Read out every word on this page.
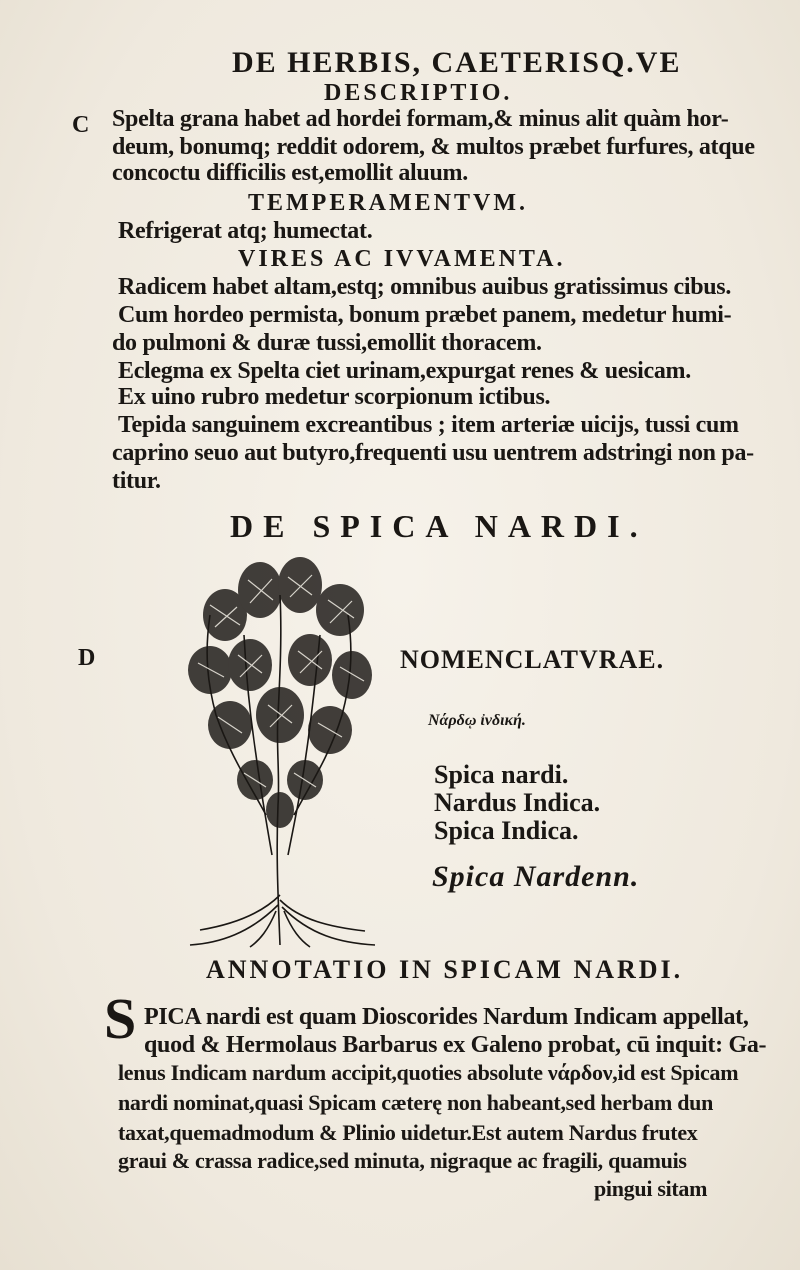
C
D
DE HERBIS, CAETERISQ.VE
DESCRIPTIO.
Spelta grana habet ad hordei formam,& minus alit quàm hor-
deum, bonumq; reddit odorem, & multos præbet furfures, atque
concoctu difficilis est,emollit aluum.
TEMPERAMENTVM.
Refrigerat atq; humectat.
VIRES AC IVVAMENTA.
Radicem habet altam,estq; omnibus auibus gratissimus cibus.
Cum hordeo permista, bonum præbet panem, medetur humi-
do pulmoni & duræ tussi,emollit thoracem.
Eclegma ex Spelta ciet urinam,expurgat renes & uesicam.
Ex uino rubro medetur scorpionum ictibus.
Tepida sanguinem excreantibus ; item arteriæ uicijs, tussi cum
caprino seuo aut butyro,frequenti usu uentrem adstringi non pa-
titur.
DE SPICA NARDI.
NOMENCLATVRAE.
Νάρδῳ ἰνδική.
Spica nardi.
Nardus Indica.
Spica Indica.
Spica Nardenn.
ANNOTATIO IN SPICAM NARDI.
S PICA nardi est quam Dioscorides Nardum Indicam appellat,
quod & Hermolaus Barbarus ex Galeno probat, cū inquit: Ga-
lenus Indicam nardum accipit,quoties absolute νάρδον,id est Spicam
nardi nominat,quasi Spicam cæterę non habeant,sed herbam dun
taxat,quemadmodum & Plinio uidetur.Est autem Nardus frutex
graui & crassa radice,sed minuta, nigraque ac fragili, quamuis
pingui sitam
